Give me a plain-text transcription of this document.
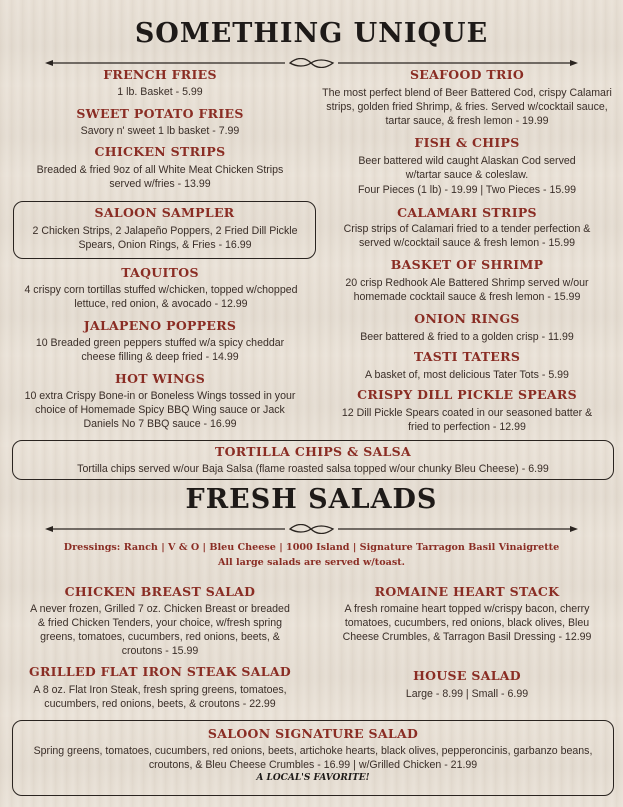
SOMETHING UNIQUE
FRENCH FRIES
1 lb. Basket - 5.99
SWEET POTATO FRIES
Savory n' sweet 1 lb basket - 7.99
CHICKEN STRIPS
Breaded & fried 9oz of all White Meat Chicken Strips served w/fries - 13.99
SALOON SAMPLER
2 Chicken Strips, 2 Jalapeño Poppers, 2 Fried Dill Pickle Spears, Onion Rings, & Fries - 16.99
TAQUITOS
4 crispy corn tortillas stuffed w/chicken, topped w/chopped lettuce, red onion, & avocado - 12.99
JALAPENO POPPERS
10 Breaded green peppers stuffed w/a spicy cheddar cheese filling & deep fried - 14.99
HOT WINGS
10 extra Crispy Bone-in or Boneless Wings tossed in your choice of Homemade Spicy BBQ Wing sauce or Jack Daniels No 7 BBQ sauce - 16.99
SEAFOOD TRIO
The most perfect blend of Beer Battered Cod, crispy Calamari strips, golden fried Shrimp, & fries. Served w/cocktail sauce, tartar sauce, & fresh lemon - 19.99
FISH & CHIPS
Beer battered wild caught Alaskan Cod served w/tartar sauce & coleslaw.
Four Pieces (1 lb) - 19.99 | Two Pieces - 15.99
CALAMARI STRIPS
Crisp strips of Calamari fried to a tender perfection & served w/cocktail sauce & fresh lemon - 15.99
BASKET OF SHRIMP
20 crisp Redhook Ale Battered Shrimp served w/our homemade cocktail sauce & fresh lemon - 15.99
ONION RINGS
Beer battered & fried to a golden crisp - 11.99
TASTI TATERS
A basket of, most delicious Tater Tots - 5.99
CRISPY DILL PICKLE SPEARS
12 Dill Pickle Spears coated in our seasoned batter & fried to perfection - 12.99
TORTILLA CHIPS & SALSA
Tortilla chips served w/our Baja Salsa (flame roasted salsa topped w/our chunky Bleu Cheese) - 6.99
FRESH SALADS
Dressings: Ranch | V & O | Bleu Cheese | 1000 Island | Signature Tarragon Basil Vinaigrette
All large salads are served w/toast.
CHICKEN BREAST SALAD
A never frozen, Grilled 7 oz. Chicken Breast or breaded & fried Chicken Tenders, your choice, w/fresh spring greens, tomatoes, cucumbers, red onions, beets, & croutons - 15.99
GRILLED FLAT IRON STEAK SALAD
A 8 oz. Flat Iron Steak, fresh spring greens, tomatoes, cucumbers, red onions, beets, & croutons - 22.99
ROMAINE HEART STACK
A fresh romaine heart topped w/crispy bacon, cherry tomatoes, cucumbers, red onions, black olives, Bleu Cheese Crumbles, & Tarragon Basil Dressing - 12.99
HOUSE SALAD
Large - 8.99 | Small - 6.99
SALOON SIGNATURE SALAD
Spring greens, tomatoes, cucumbers, red onions, beets, artichoke hearts, black olives, pepperoncinis, garbanzo beans, croutons, & Bleu Cheese Crumbles - 16.99 | w/Grilled Chicken - 21.99
A LOCAL'S FAVORITE!
